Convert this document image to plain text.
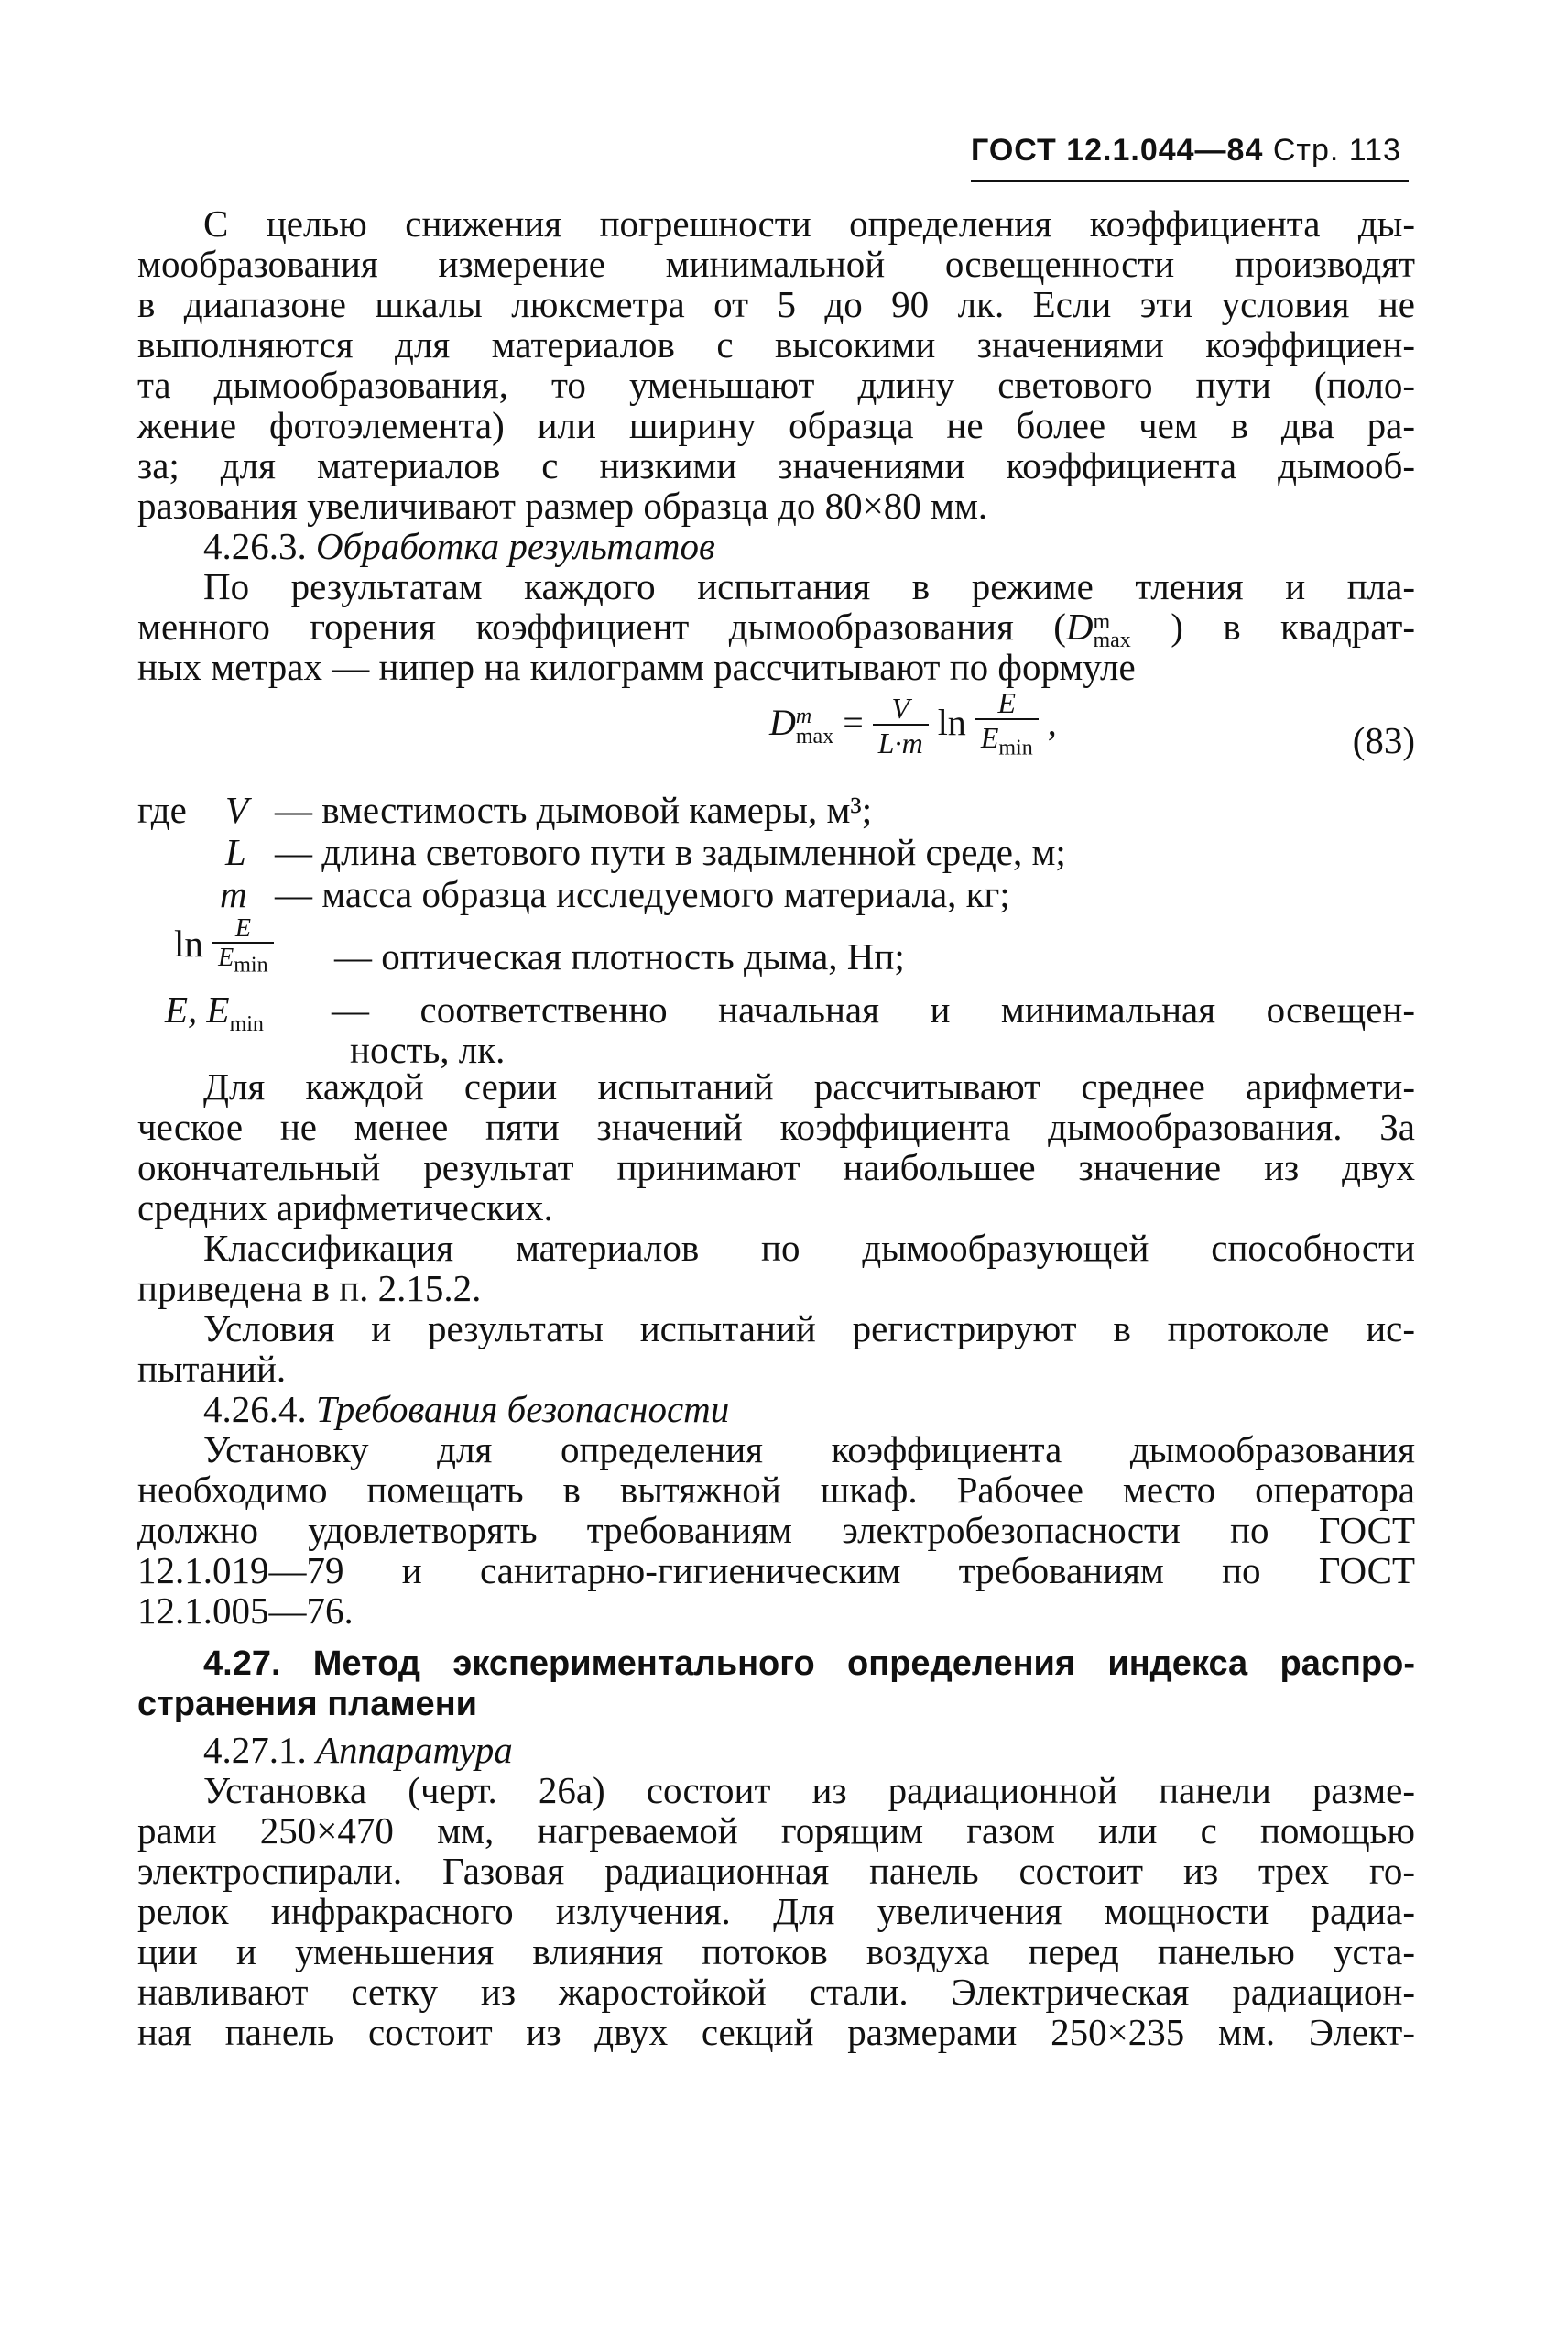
ГОСТ 12.1.044—84 Стр. 113
С целью снижения погрешности определения коэффициента ды-
мообразования измерение минимальной освещенности производят
в диапазоне шкалы люксметра от 5 до 90 лк. Если эти условия не
выполняются для материалов с высокими значениями коэффициен-
та дымообразования, то уменьшают длину светового пути (поло-
жение фотоэлемента) или ширину образца не более чем в два ра-
за; для материалов с низкими значениями коэффициента дымооб-
разования увеличивают размер образца до 80×80 мм.
4.26.3. Обработка результатов
По результатам каждого испытания в режиме тления и пла-
менного горения коэффициент дымообразования (D m
max ) в квадрат-
ных метрах — нипер на килограмм рассчитывают по формуле
D m
$\max = \frac{V}{L\cdot m}$ $\ln \frac{E}{E_{min}}$ ,	(83)
где V — вместимость дымовой камеры, м³;
L — длина светового пути в задымленной среде, м;
m — масса образца исследуемого материала, кг;
$\ln \frac{E}{E_{min}}$ — оптическая плотность дыма, Нп;
E, $E_{min}$ — соответственно начальная и минимальная освещен-
ность, лк.
Для каждой серии испытаний рассчитывают среднее арифмети-
ческое не менее пяти значений коэффициента дымообразования. За
окончательный результат принимают наибольшее значение из двух
средних арифметических.
Классификация материалов по дымообразующей способности
приведена в п. 2.15.2.
Условия и результаты испытаний регистрируют в протоколе ис-
пытаний.
4.26.4. Требования безопасности
Установку для определения коэффициента дымообразования
необходимо помещать в вытяжной шкаф. Рабочее место оператора
должно удовлетворять требованиям электробезопасности по ГОСТ
12.1.019—79 и санитарно-гигиеническим требованиям по ГОСТ
12.1.005—76.
4.27. Метод экспериментального определения индекса распро-
странения пламени
4.27.1. Аппаратура
Установка (черт. 26а) состоит из радиационной панели разме-
рами 250×470 мм, нагреваемой горящим газом или с помощью
электроспирали. Газовая радиационная панель состоит из трех го-
релок инфракрасного излучения. Для увеличения мощности радиа-
ции и уменьшения влияния потоков воздуха перед панелью уста-
навливают сетку из жаростойкой стали. Электрическая радиацион-
ная панель состоит из двух секций размерами 250×235 мм. Элект-
